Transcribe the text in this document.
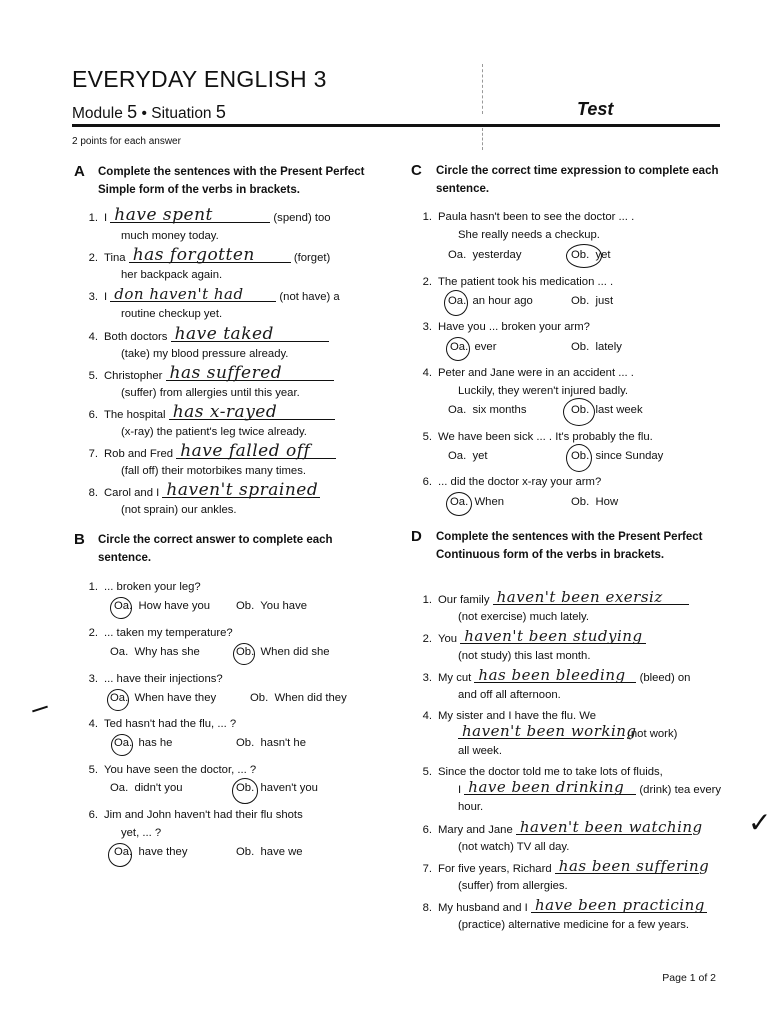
EVERYDAY ENGLISH 3
Module 5 • Situation 5	Test
2 points for each answer
A Complete the sentences with the Present Perfect Simple form of the verbs in brackets.
1. I have spent	(spend) too
much money today.
2. Tina has forgotten	(forget)
her backpack again.
3. I don haven't had	(not have) a
routine checkup yet.
4. Both doctors have taked
(take) my blood pressure already.
5. Christopher has suffered
(suffer) from allergies until this year.
6. The hospital has x-rayed
(x-ray) the patient's leg twice already.
7. Rob and Fred have falled off
(fall off) their motorbikes many times.
8. Carol and I haven't sprained
(not sprain) our ankles.
B Circle the correct answer to complete each sentence.
1. ... broken your leg?
Oa. How have you Ob. You have
2. ... taken my temperature?
Oa. Why has she	Ob. When did she
3. ... have their injections?
Oa. When have they	Ob. When did they
4. Ted hasn't had the flu, ... ?
Oa. has he	Ob. hasn't he
5. You have seen the doctor, ... ?
Oa. didn't you	Ob. haven't you
6. Jim and John haven't had their flu shots
yet, ... ?
Oa. have they	Ob. have we
C Circle the correct time expression to complete each sentence.
1. Paula hasn't been to see the doctor ... .
She really needs a checkup.
Oa. yesterday	Ob. yet
2. The patient took his medication ... .
Oa. an hour ago	Ob. just
3. Have you ... broken your arm?
Oa. ever	Ob. lately
4. Peter and Jane were in an accident ... .
Luckily, they weren't injured badly.
Oa. six months	Ob. last week
5. We have been sick ... . It's probably the flu.
Oa. yet	Ob. since Sunday
6. ... did the doctor x-ray your arm?
Oa. When	Ob. How
D Complete the sentences with the Present Perfect Continuous form of the verbs in brackets.
1. Our family haven't been exersiz
(not exercise) much lately.
2. You haven't been studying
(not study) this last month.
3. My cut has been bleeding (bleed) on
and off all afternoon.
4. My sister and I have the flu. We
haven't been working
(not work)
all week.
5. Since the doctor told me to take lots of fluids,
I have been drinking (drink) tea every
hour.
6. Mary and Jane haven't been watching
(not watch) TV all day.
✓
7. For five years, Richard has been suffering
(suffer) from allergies.
8. My husband and I have been practicing
(practice) alternative medicine for a few years.
Page 1 of 2
